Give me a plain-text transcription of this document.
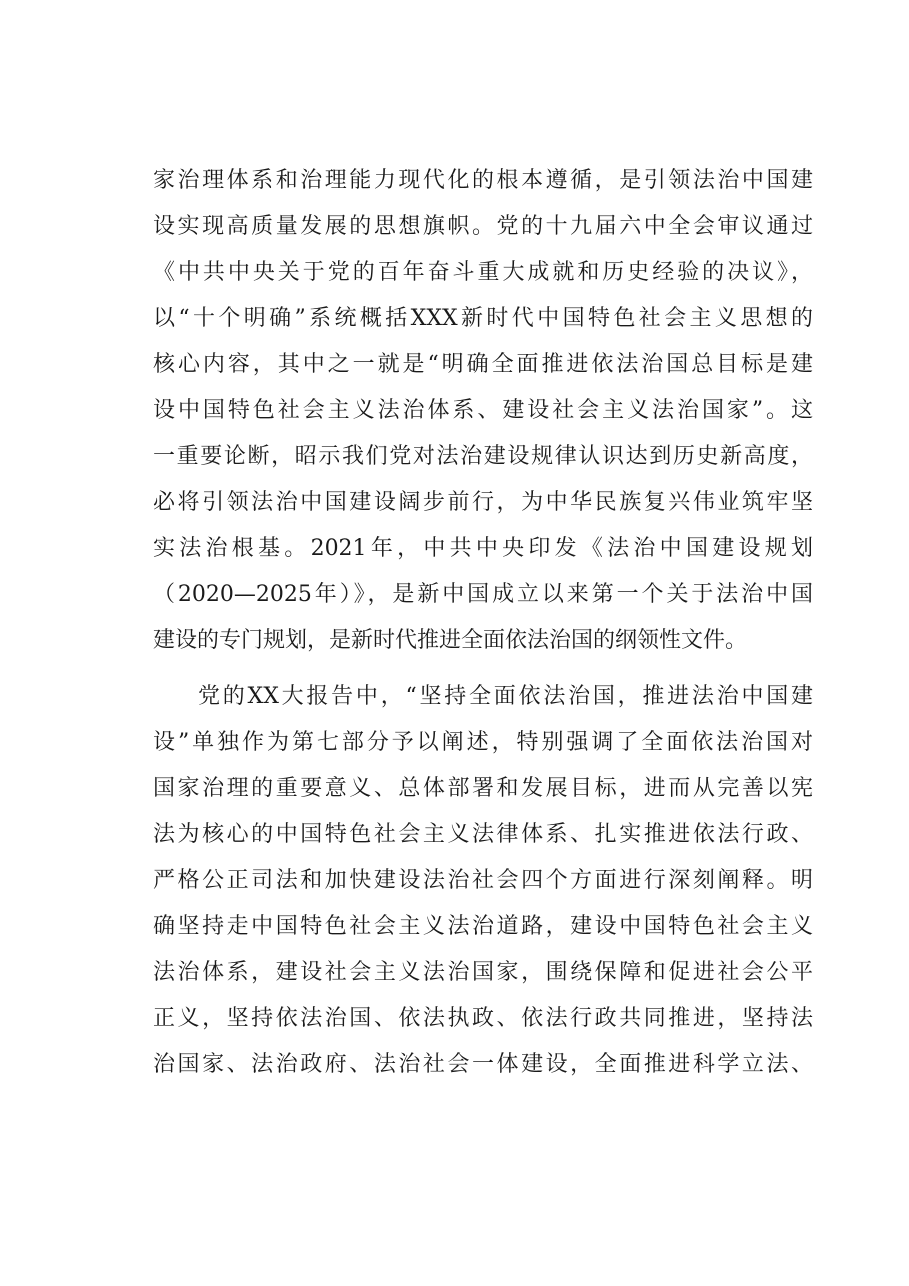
家治理体系和治理能力现代化的根本遵循，是引领法治中国建
设实现高质量发展的思想旗帜。党的十九届六中全会审议通过
《中共中央关于党的百年奋斗重大成就和历史经验的决议》，
以“十个明确”系统概括XXX新时代中国特色社会主义思想的
核心内容，其中之一就是“明确全面推进依法治国总目标是建
设中国特色社会主义法治体系、建设社会主义法治国家”。这
一重要论断，昭示我们党对法治建设规律认识达到历史新高度，
必将引领法治中国建设阔步前行，为中华民族复兴伟业筑牢坚
实法治根基。2021年，中共中央印发《法治中国建设规划
（2020—2025年）》，是新中国成立以来第一个关于法治中国
建设的专门规划，是新时代推进全面依法治国的纲领性文件。
党的XX大报告中，“坚持全面依法治国，推进法治中国建
设”单独作为第七部分予以阐述，特别强调了全面依法治国对
国家治理的重要意义、总体部署和发展目标，进而从完善以宪
法为核心的中国特色社会主义法律体系、扎实推进依法行政、
严格公正司法和加快建设法治社会四个方面进行深刻阐释。明
确坚持走中国特色社会主义法治道路，建设中国特色社会主义
法治体系，建设社会主义法治国家，围绕保障和促进社会公平
正义，坚持依法治国、依法执政、依法行政共同推进，坚持法
治国家、法治政府、法治社会一体建设，全面推进科学立法、
